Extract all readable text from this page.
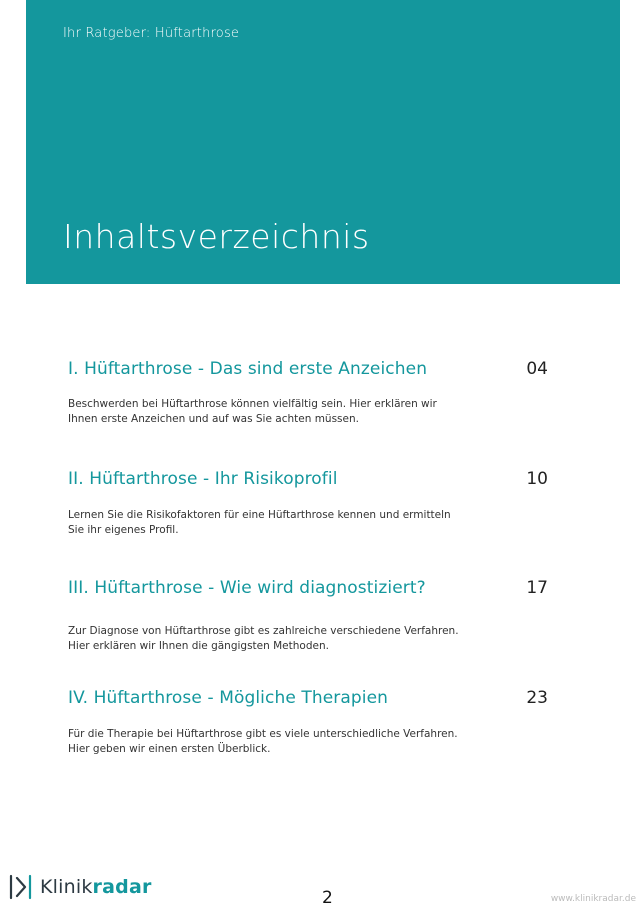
Ihr Ratgeber: Hüftarthrose
Inhaltsverzeichnis
I. Hüftarthrose - Das sind erste Anzeichen	04
Beschwerden bei Hüftarthrose können vielfältig sein. Hier erklären wir Ihnen erste Anzeichen und auf was Sie achten müssen.
II. Hüftarthrose - Ihr Risikoprofil	10
Lernen Sie die Risikofaktoren für eine Hüftarthrose kennen und ermitteln Sie ihr eigenes Profil.
III. Hüftarthrose - Wie wird diagnostiziert?	17
Zur Diagnose von Hüftarthrose gibt es zahlreiche verschiedene Verfahren. Hier erklären wir Ihnen die gängigsten Methoden.
IV. Hüftarthrose - Mögliche Therapien	23
Für die Therapie bei Hüftarthrose gibt es viele unterschiedliche Verfahren. Hier geben wir einen ersten Überblick.
Klinikradar	2	www.klinikradar.de
